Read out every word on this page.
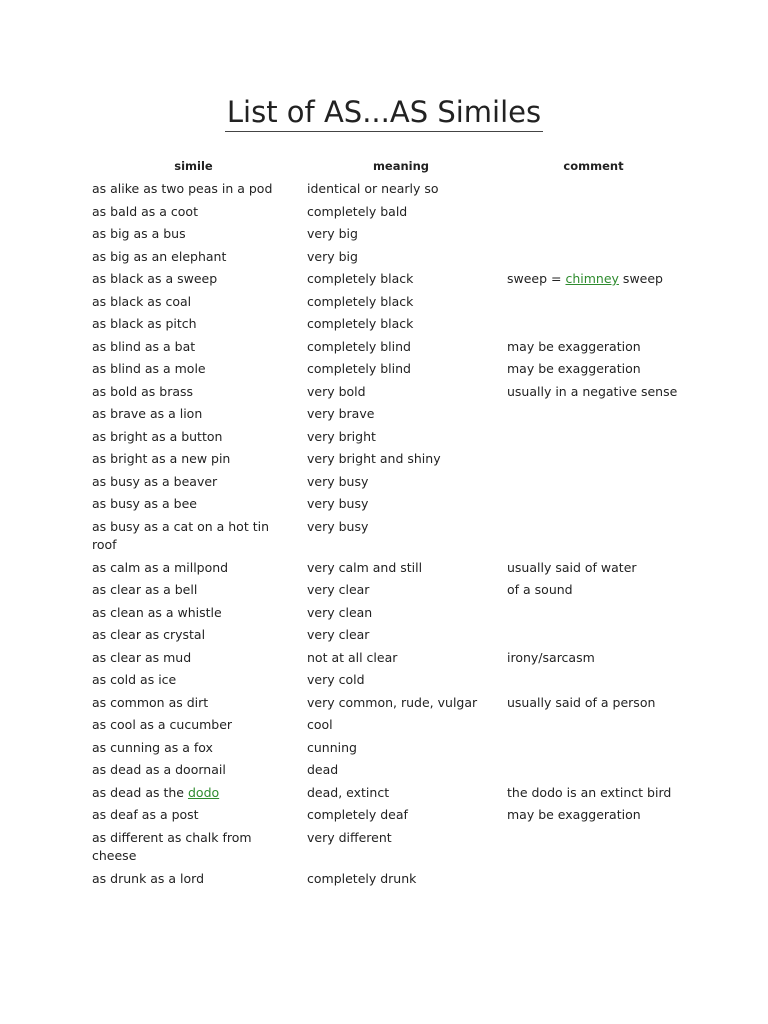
List of AS...AS Similes
simile	meaning	comment
as alike as two peas in a pod	identical or nearly so	
as bald as a coot	completely bald	
as big as a bus	very big	
as big as an elephant	very big	
as black as a sweep	completely black	sweep = chimney sweep
as black as coal	completely black	
as black as pitch	completely black	
as blind as a bat	completely blind	may be exaggeration
as blind as a mole	completely blind	may be exaggeration
as bold as brass	very bold	usually in a negative sense
as brave as a lion	very brave	
as bright as a button	very bright	
as bright as a new pin	very bright and shiny	
as busy as a beaver	very busy	
as busy as a bee	very busy	
as busy as a cat on a hot tin roof	very busy	
as calm as a millpond	very calm and still	usually said of water
as clear as a bell	very clear	of a sound
as clean as a whistle	very clean	
as clear as crystal	very clear	
as clear as mud	not at all clear	irony/sarcasm
as cold as ice	very cold	
as common as dirt	very common, rude, vulgar	usually said of a person
as cool as a cucumber	cool	
as cunning as a fox	cunning	
as dead as a doornail	dead	
as dead as the dodo	dead, extinct	the dodo is an extinct bird
as deaf as a post	completely deaf	may be exaggeration
as different as chalk from cheese	very different	
as drunk as a lord	completely drunk	
